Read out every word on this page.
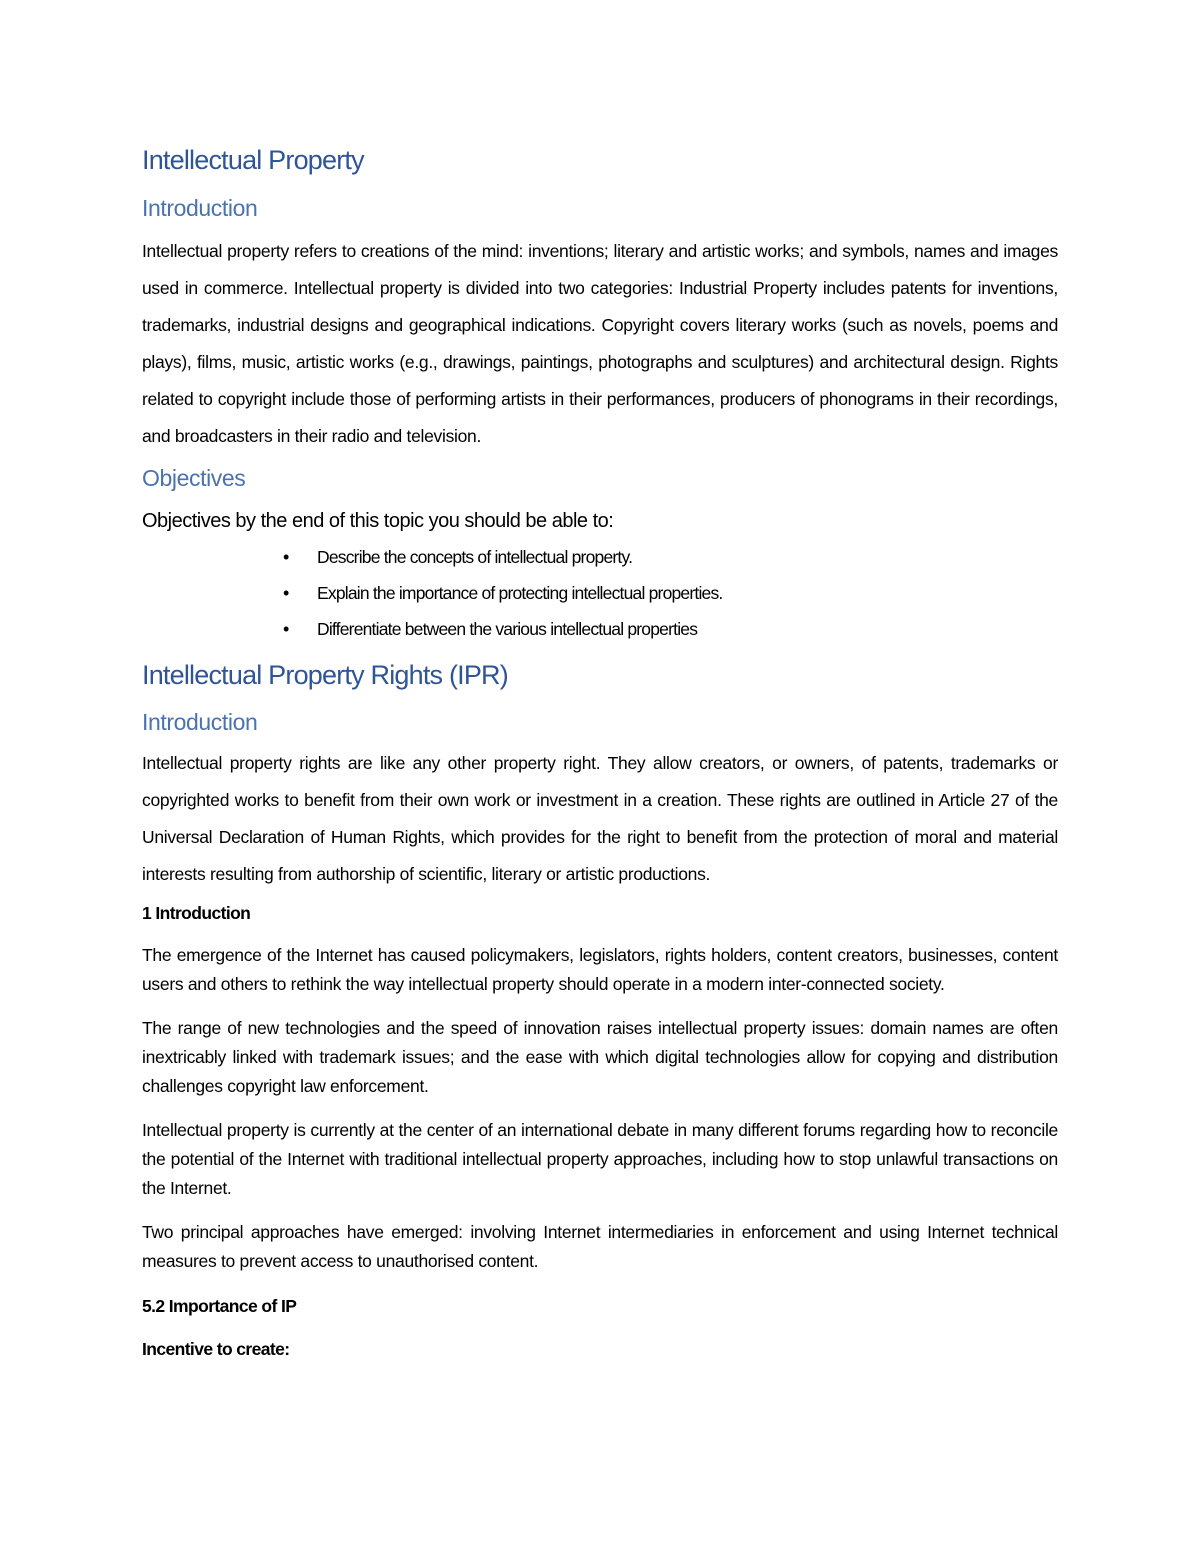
Intellectual Property
Introduction

Intellectual property refers to creations of the mind: inventions; literary and artistic works; and symbols, names and images used in commerce. Intellectual property is divided into two categories: Industrial Property includes patents for inventions, trademarks, industrial designs and geographical indications. Copyright covers literary works (such as novels, poems and plays), films, music, artistic works (e.g., drawings, paintings, photographs and sculptures) and architectural design. Rights related to copyright include those of performing artists in their performances, producers of phonograms in their recordings, and broadcasters in their radio and television.

Objectives

Objectives by the end of this topic you should be able to:

• Describe the concepts of intellectual property.
• Explain the importance of protecting intellectual properties.
• Differentiate between the various intellectual properties
Intellectual Property Rights (IPR)
Introduction

Intellectual property rights are like any other property right. They allow creators, or owners, of patents, trademarks or copyrighted works to benefit from their own work or investment in a creation. These rights are outlined in Article 27 of the Universal Declaration of Human Rights, which provides for the right to benefit from the protection of moral and material interests resulting from authorship of scientific, literary or artistic productions.

1 Introduction

The emergence of the Internet has caused policymakers, legislators, rights holders, content creators, businesses, content users and others to rethink the way intellectual property should operate in a modern inter-connected society.

The range of new technologies and the speed of innovation raises intellectual property issues: domain names are often inextricably linked with trademark issues; and the ease with which digital technologies allow for copying and distribution challenges copyright law enforcement.

Intellectual property is currently at the center of an international debate in many different forums regarding how to reconcile the potential of the Internet with traditional intellectual property approaches, including how to stop unlawful transactions on the Internet.

Two principal approaches have emerged: involving Internet intermediaries in enforcement and using Internet technical measures to prevent access to unauthorised content.

5.2 Importance of IP

Incentive to create:
